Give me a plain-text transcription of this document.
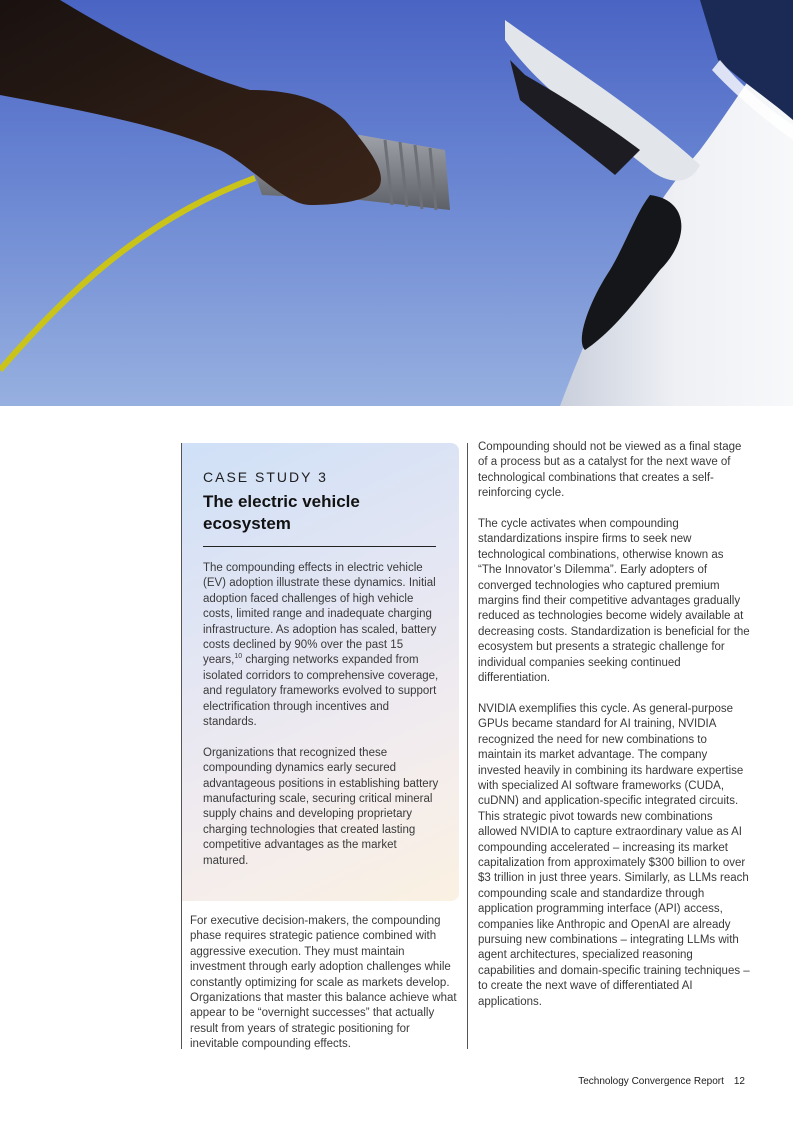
CASE STUDY 3
The electric vehicle ecosystem

The compounding effects in electric vehicle (EV) adoption illustrate these dynamics. Initial adoption faced challenges of high vehicle costs, limited range and inadequate charging infrastructure. As adoption has scaled, battery costs declined by 90% over the past 15 years,$^{10}$ charging networks expanded from isolated corridors to comprehensive coverage, and regulatory frameworks evolved to support electrification through incentives and standards.

Organizations that recognized these compounding dynamics early secured advantageous positions in establishing battery manufacturing scale, securing critical mineral supply chains and developing proprietary charging technologies that created lasting competitive advantages as the market matured.

For executive decision-makers, the compounding phase requires strategic patience combined with aggressive execution. They must maintain investment through early adoption challenges while constantly optimizing for scale as markets develop. Organizations that master this balance achieve what appear to be “overnight successes” that actually result from years of strategic positioning for inevitable compounding effects.

Compounding should not be viewed as a final stage of a process but as a catalyst for the next wave of technological combinations that creates a self-reinforcing cycle.

The cycle activates when compounding standardizations inspire firms to seek new technological combinations, otherwise known as “The Innovator’s Dilemma”. Early adopters of converged technologies who captured premium margins find their competitive advantages gradually reduced as technologies become widely available at decreasing costs. Standardization is beneficial for the ecosystem but presents a strategic challenge for individual companies seeking continued differentiation.

NVIDIA exemplifies this cycle. As general-purpose GPUs became standard for AI training, NVIDIA recognized the need for new combinations to maintain its market advantage. The company invested heavily in combining its hardware expertise with specialized AI software frameworks (CUDA, cuDNN) and application-specific integrated circuits. This strategic pivot towards new combinations allowed NVIDIA to capture extraordinary value as AI compounding accelerated – increasing its market capitalization from approximately $300 billion to over $3 trillion in just three years. Similarly, as LLMs reach compounding scale and standardize through application programming interface (API) access, companies like Anthropic and OpenAI are already pursuing new combinations – integrating LLMs with agent architectures, specialized reasoning capabilities and domain-specific training techniques – to create the next wave of differentiated AI applications.

Technology Convergence Report 12
